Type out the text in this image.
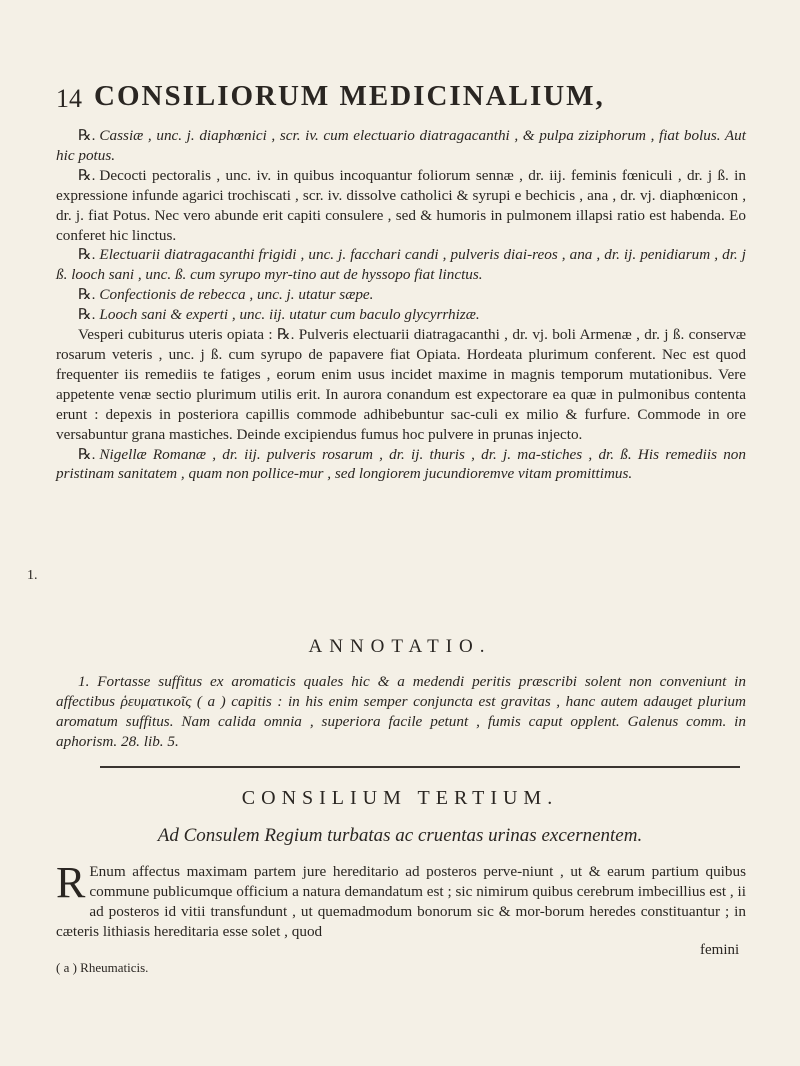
14 CONSILIORUM MEDICINALIUM,

℞. Cassiæ , unc. j. diaphœnici , scr. iv. cum electuario diatragacanthi , & pulpa ziziphorum , fiat bolus. Aut hic potus.

℞. Decocti pectoralis , unc. iv. in quibus incoquantur foliorum sennæ , dr. iij. feminis fœniculi , dr. j ß. in expressione infunde agarici trochiscati , scr. iv. dissolve catholici & syrupi e bechicis , ana , dr. vj. diaphœnicon , dr. j. fiat Potus. Nec vero abunde erit capiti consulere , sed & humoris in pulmonem illapsi ratio est habenda. Eo conferet hic linctus.

℞. Electuarii diatragacanthi frigidi , unc. j. facchari candi , pulveris diai-reos , ana , dr. ij. penidiarum , dr. j ß. looch sani , unc. ß. cum syrupo myr-tino aut de hyssopo fiat linctus.

℞. Confectionis de rebecca , unc. j. utatur sæpe.

℞. Looch sani & experti , unc. iij. utatur cum baculo glycyrrhizæ.

Vesperi cubiturus uteris opiata : ℞. Pulveris electuarii diatragacanthi , dr. vj. boli Armenæ , dr. j ß. conservæ rosarum veteris , unc. j ß. cum syrupo de papavere fiat Opiata. Hordeata plurimum conferent. Nec est quod frequenter iis remediis te fatiges , eorum enim usus incidet maxime in magnis temporum mutationibus. Vere appetente venæ sectio plurimum utilis erit. In aurora conandum est expectorare ea quæ in pulmonibus contenta erunt : depexis in posteriora capillis commode adhibebuntur sac-culi ex milio & furfure. Commode in ore versabuntur grana mastiches. Deinde excipiendus fumus hoc pulvere in prunas injecto.

℞. Nigellæ Romanæ , dr. iij. pulveris rosarum , dr. ij. thuris , dr. j. ma-stiches , dr. ß. His remediis non pristinam sanitatem , quam non pollice-mur , sed longiorem jucundioremve vitam promittimus.

1.
ANNOTATIO.

1. Fortasse suffitus ex aromaticis quales hic & a medendi peritis præscribi solent non conveniunt in affectibus ῥευματικοῖς ( a ) capitis : in his enim semper conjuncta est gravitas , hanc autem adauget plurium aromatum suffitus. Nam calida omnia , superiora facile petunt , fumis caput opplent. Galenus comm. in aphorism. 28. lib. 5.

CONSILIUM TERTIUM.
Ad Consulem Regium turbatas ac cruentas urinas excernentem.

R Enum affectus maximam partem jure hereditario ad posteros perve-niunt , ut & earum partium quibus commune publicumque officium a natura demandatum est ; sic nimirum quibus cerebrum imbecillius est , ii ad posteros id vitii transfundunt , ut quemadmodum bonorum sic & mor-borum heredes constituantur ; in cæteris lithiasis hereditaria esse solet , quod

femini
( a ) Rheumaticis.
